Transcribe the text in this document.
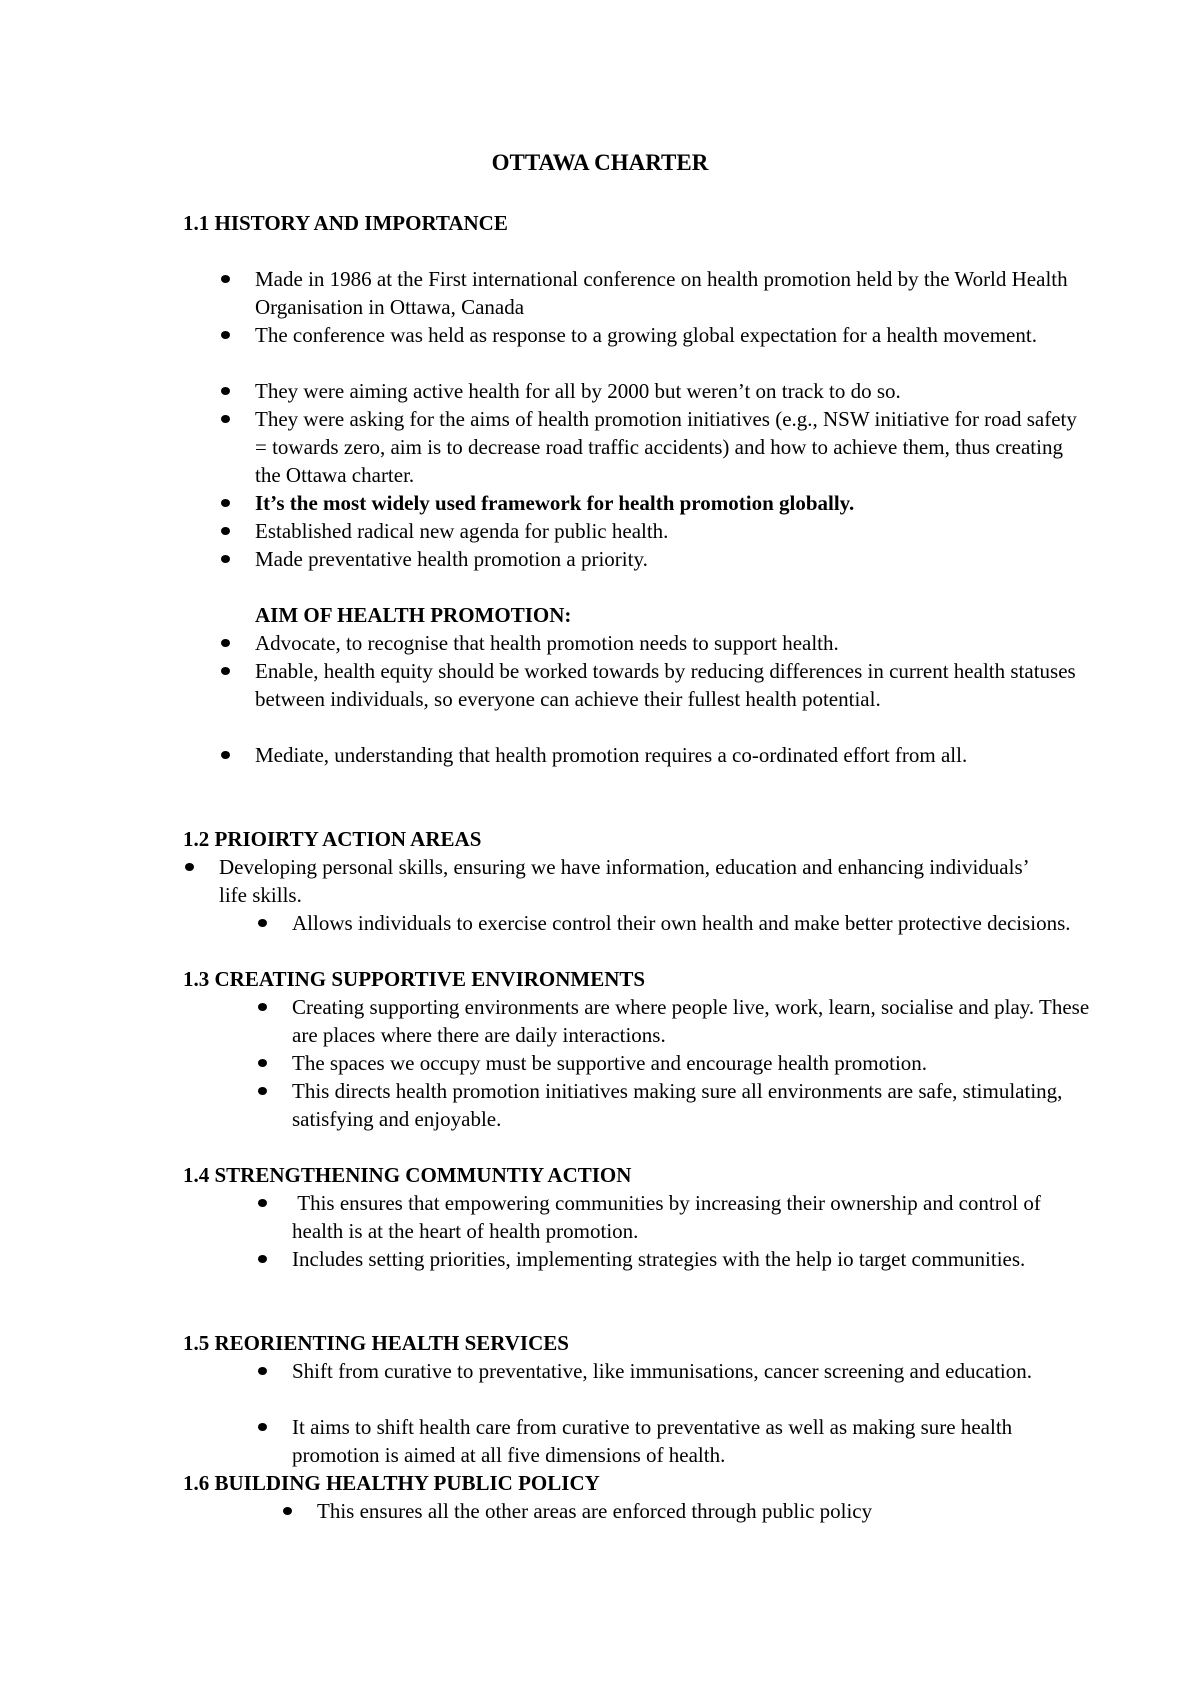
OTTAWA CHARTER
1.1 HISTORY AND IMPORTANCE
Made in 1986 at the First international conference on health promotion held by the World Health Organisation in Ottawa, Canada
The conference was held as response to a growing global expectation for a health movement.
They were aiming active health for all by 2000 but weren’t on track to do so.
They were asking for the aims of health promotion initiatives (e.g., NSW initiative for road safety = towards zero, aim is to decrease road traffic accidents) and how to achieve them, thus creating the Ottawa charter.
It’s the most widely used framework for health promotion globally.
Established radical new agenda for public health.
Made preventative health promotion a priority.
AIM OF HEALTH PROMOTION:
Advocate, to recognise that health promotion needs to support health.
Enable, health equity should be worked towards by reducing differences in current health statuses between individuals, so everyone can achieve their fullest health potential.
Mediate, understanding that health promotion requires a co-ordinated effort from all.
1.2 PRIOIRTY ACTION AREAS
Developing personal skills, ensuring we have information, education and enhancing individuals’ life skills.
Allows individuals to exercise control their own health and make better protective decisions.
1.3 CREATING SUPPORTIVE ENVIRONMENTS
Creating supporting environments are where people live, work, learn, socialise and play. These are places where there are daily interactions.
The spaces we occupy must be supportive and encourage health promotion.
This directs health promotion initiatives making sure all environments are safe, stimulating, satisfying and enjoyable.
1.4 STRENGTHENING COMMUNTIY ACTION
This ensures that empowering communities by increasing their ownership and control of health is at the heart of health promotion.
Includes setting priorities, implementing strategies with the help io target communities.
1.5 REORIENTING HEALTH SERVICES
Shift from curative to preventative, like immunisations, cancer screening and education.
It aims to shift health care from curative to preventative as well as making sure health promotion is aimed at all five dimensions of health.
1.6 BUILDING HEALTHY PUBLIC POLICY
This ensures all the other areas are enforced through public policy
